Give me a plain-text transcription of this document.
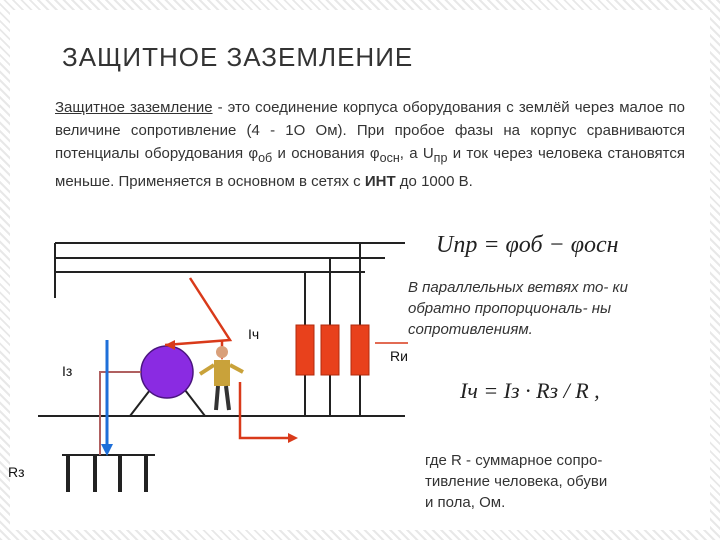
ЗАЩИТНОЕ ЗАЗЕМЛЕНИЕ
Защитное заземление - это соединение корпуса оборудования с землёй через малое по величине сопротивление (4 - 1О Ом). При пробое фазы на корпус сравниваются потенциалы оборудования $\varphi_{об}$ и основания $\varphi_{осн}$, а $U_{пр}$ и ток через человека становятся меньше. Применяется в основном в сетях с ИНТ до 1000 В.
Uпр = φоб − φосн
В параллельных ветвях то- ки обратно пропорциональ- ны сопротивлениям.
Iч = Iз · Rз / R ,
где R - суммарное сопро- тивление человека, обуви и пола, Ом.
Iч
Iз
Rи
Rз
